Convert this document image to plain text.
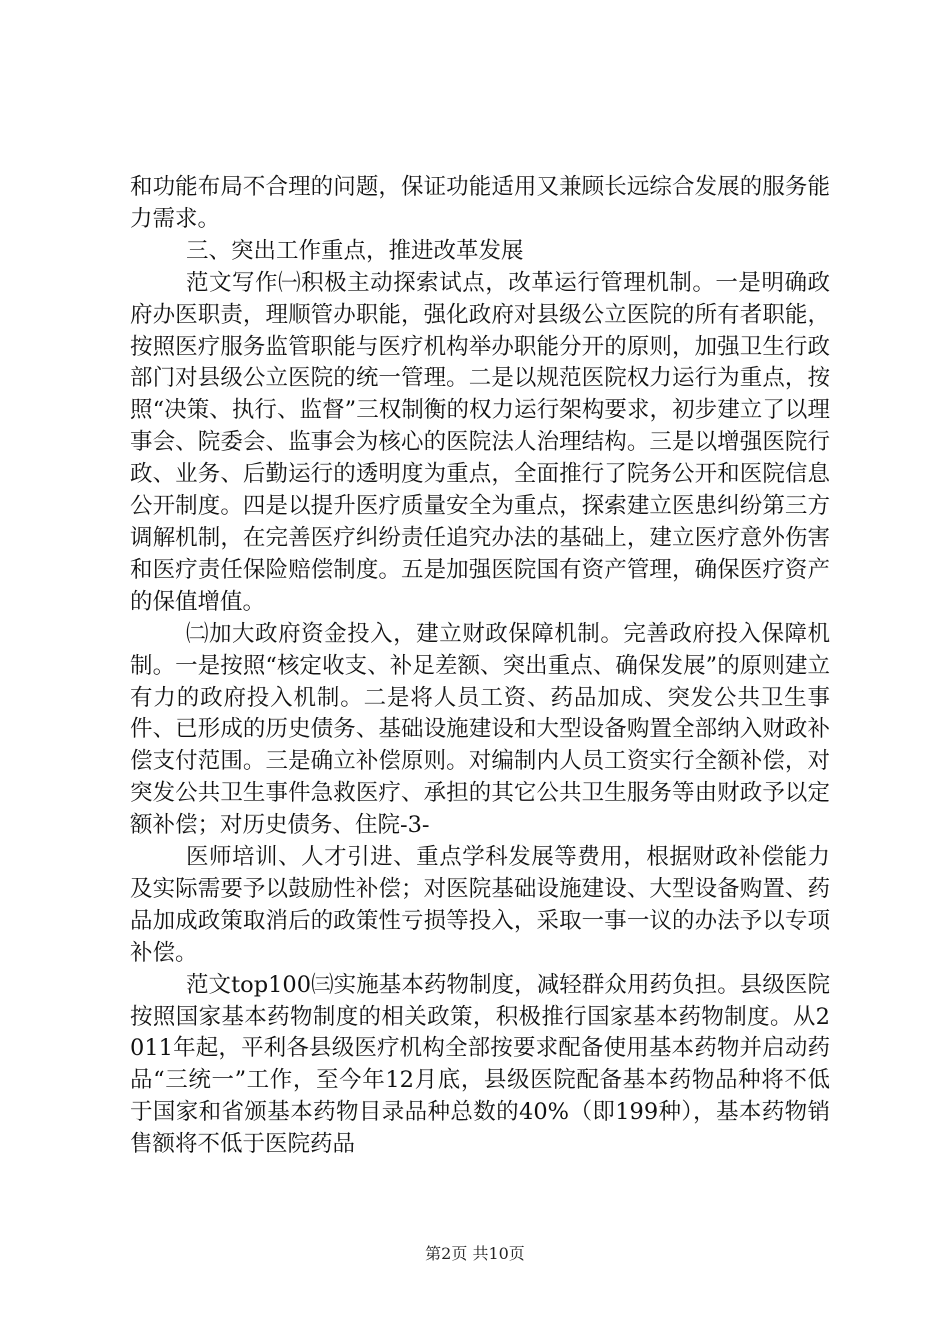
和功能布局不合理的问题，保证功能适用又兼顾长远综合发展的服务能力需求。

三、突出工作重点，推进改革发展

范文写作㈠积极主动探索试点，改革运行管理机制。一是明确政府办医职责，理顺管办职能，强化政府对县级公立医院的所有者职能，按照医疗服务监管职能与医疗机构举办职能分开的原则，加强卫生行政部门对县级公立医院的统一管理。二是以规范医院权力运行为重点，按照“决策、执行、监督”三权制衡的权力运行架构要求，初步建立了以理事会、院委会、监事会为核心的医院法人治理结构。三是以增强医院行政、业务、后勤运行的透明度为重点，全面推行了院务公开和医院信息公开制度。四是以提升医疗质量安全为重点，探索建立医患纠纷第三方调解机制，在完善医疗纠纷责任追究办法的基础上，建立医疗意外伤害和医疗责任保险赔偿制度。五是加强医院国有资产管理，确保医疗资产的保值增值。

㈡加大政府资金投入，建立财政保障机制。完善政府投入保障机制。一是按照“核定收支、补足差额、突出重点、确保发展”的原则建立有力的政府投入机制。二是将人员工资、药品加成、突发公共卫生事件、已形成的历史债务、基础设施建设和大型设备购置全部纳入财政补偿支付范围。三是确立补偿原则。对编制内人员工资实行全额补偿，对突发公共卫生事件急救医疗、承担的其它公共卫生服务等由财政予以定额补偿；对历史债务、住院-3-

医师培训、人才引进、重点学科发展等费用，根据财政补偿能力及实际需要予以鼓励性补偿；对医院基础设施建设、大型设备购置、药品加成政策取消后的政策性亏损等投入，采取一事一议的办法予以专项补偿。

范文top100㈢实施基本药物制度，减轻群众用药负担。县级医院按照国家基本药物制度的相关政策，积极推行国家基本药物制度。从2011年起，平利各县级医疗机构全部按要求配备使用基本药物并启动药品“三统一”工作，至今年12月底，县级医院配备基本药物品种将不低于国家和省颁基本药物目录品种总数的40%（即199种），基本药物销售额将不低于医院药品

第2页 共10页
